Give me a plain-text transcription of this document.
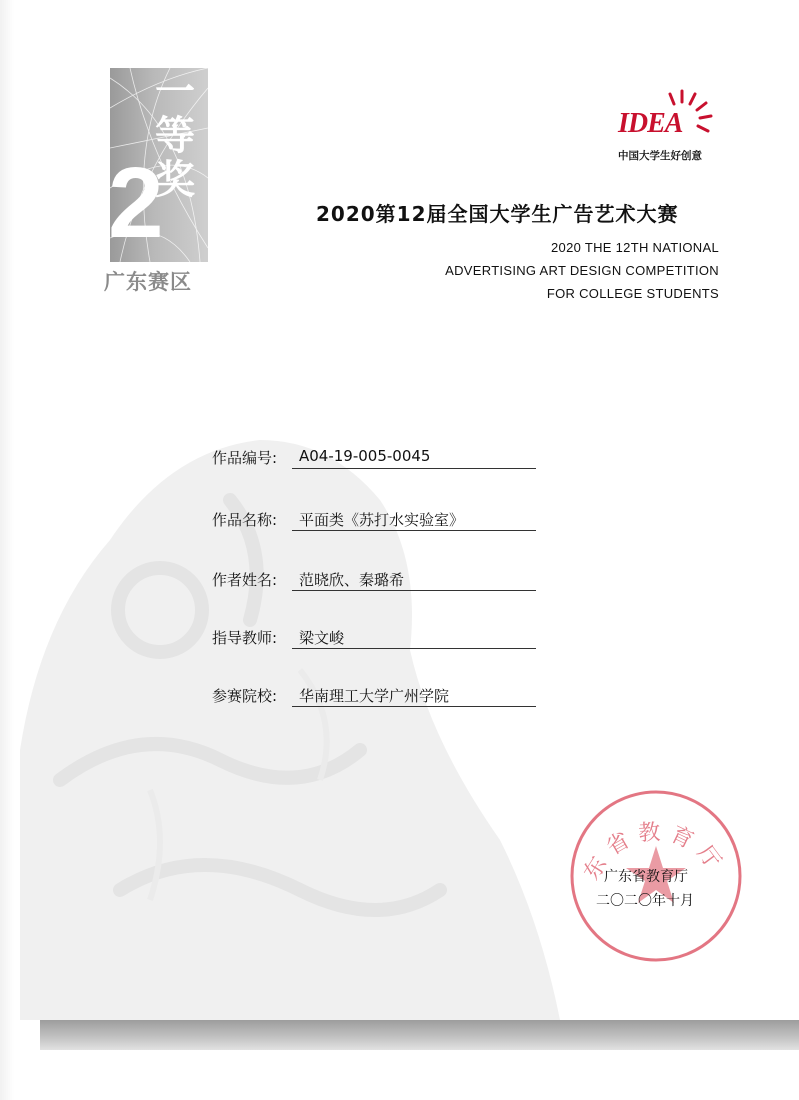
2
一
等
奖
广东赛区
IDEA
中国大学生好创意
2020第12届全国大学生广告艺术大赛
2020 THE 12TH NATIONAL
ADVERTISING ART DESIGN COMPETITION
FOR COLLEGE STUDENTS
作品编号: A04-19-005-0045
作品名称: 平面类《苏打水实验室》
作者姓名: 范晓欣、秦璐希
指导教师: 梁文峻
参赛院校: 华南理工大学广州学院
东省教育厅
广东省教育厅
二〇二〇年十月
